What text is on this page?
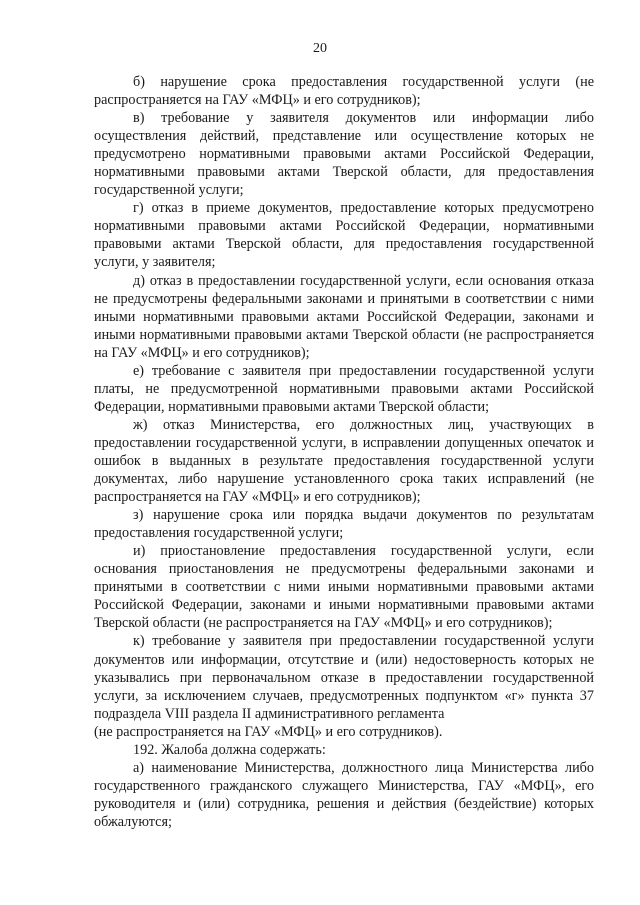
20

б) нарушение срока предоставления государственной услуги (не распространяется на ГАУ «МФЦ» и его сотрудников);

в) требование у заявителя документов или информации либо осуществления действий, представление или осуществление которых не предусмотрено нормативными правовыми актами Российской Федерации, нормативными правовыми актами Тверской области, для предоставления государственной услуги;

г) отказ в приеме документов, предоставление которых предусмотрено нормативными правовыми актами Российской Федерации, нормативными правовыми актами Тверской области, для предоставления государственной услуги, у заявителя;

д) отказ в предоставлении государственной услуги, если основания отказа не предусмотрены федеральными законами и принятыми в соответствии с ними иными нормативными правовыми актами Российской Федерации, законами и иными нормативными правовыми актами Тверской области (не распространяется на ГАУ «МФЦ» и его сотрудников);

е) требование с заявителя при предоставлении государственной услуги платы, не предусмотренной нормативными правовыми актами Российской Федерации, нормативными правовыми актами Тверской области;

ж) отказ Министерства, его должностных лиц, участвующих в предоставлении государственной услуги, в исправлении допущенных опечаток и ошибок в выданных в результате предоставления государственной услуги документах, либо нарушение установленного срока таких исправлений (не распространяется на ГАУ «МФЦ» и его сотрудников);

з) нарушение срока или порядка выдачи документов по результатам предоставления государственной услуги;

и) приостановление предоставления государственной услуги, если основания приостановления не предусмотрены федеральными законами и принятыми в соответствии с ними иными нормативными правовыми актами Российской Федерации, законами и иными нормативными правовыми актами Тверской области (не распространяется на ГАУ «МФЦ» и его сотрудников);

к) требование у заявителя при предоставлении государственной услуги документов или информации, отсутствие и (или) недостоверность которых не указывались при первоначальном отказе в предоставлении государственной услуги, за исключением случаев, предусмотренных подпунктом «г» пункта 37 подраздела VIII раздела II административного регламента

(не распространяется на ГАУ «МФЦ» и его сотрудников).

192. Жалоба должна содержать:

а) наименование Министерства, должностного лица Министерства либо государственного гражданского служащего Министерства, ГАУ «МФЦ», его руководителя и (или) сотрудника, решения и действия (бездействие) которых обжалуются;
